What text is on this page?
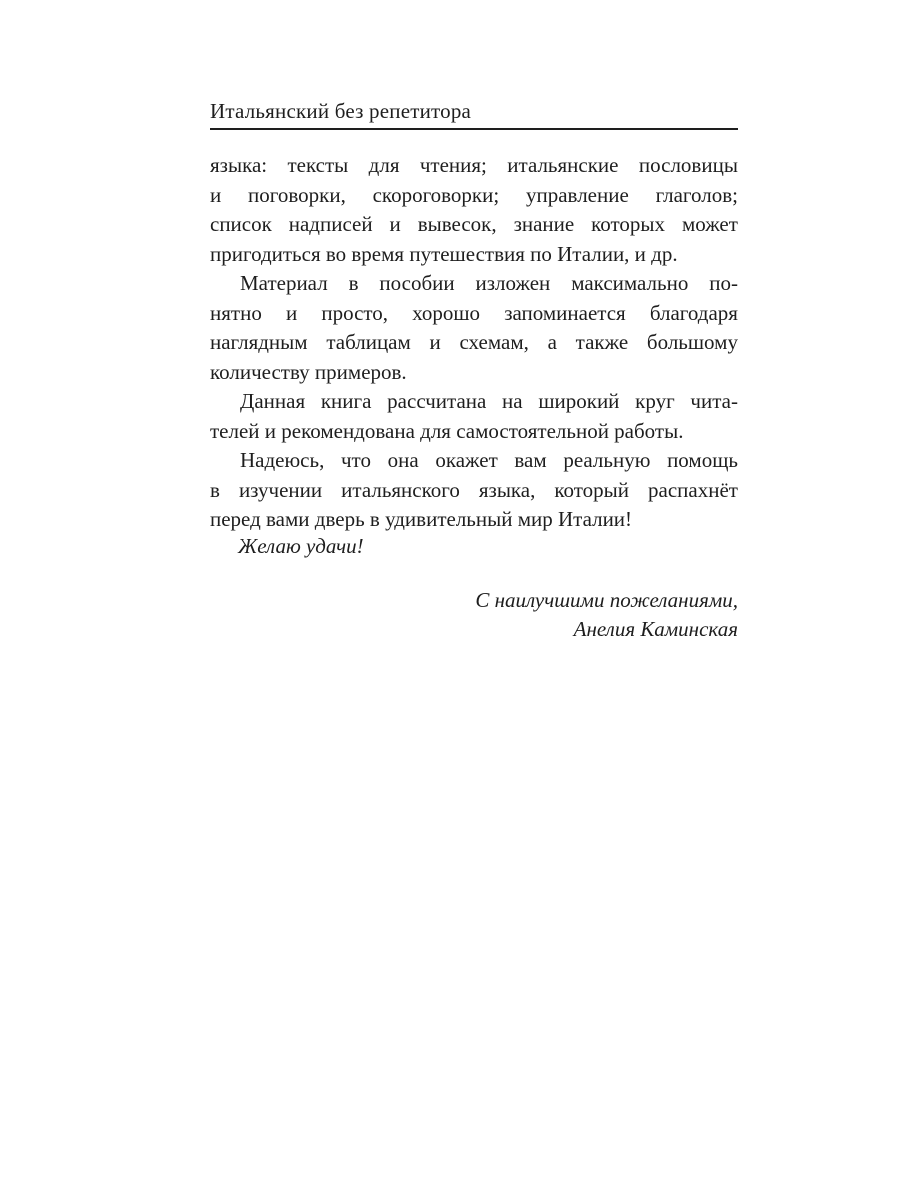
Итальянский без репетитора
языка: тексты для чтения; итальянские пословицы
и поговорки, скороговорки; управление глаголов;
список надписей и вывесок, знание которых может
пригодиться во время путешествия по Италии, и др.
Материал в пособии изложен максимально по-
нятно и просто, хорошо запоминается благодаря
наглядным таблицам и схемам, а также большому
количеству примеров.
Данная книга рассчитана на широкий круг чита-
телей и рекомендована для самостоятельной работы.
Надеюсь, что она окажет вам реальную помощь
в изучении итальянского языка, который распахнёт
перед вами дверь в удивительный мир Италии!
Желаю удачи!
С наилучшими пожеланиями,
Анелия Каминская
